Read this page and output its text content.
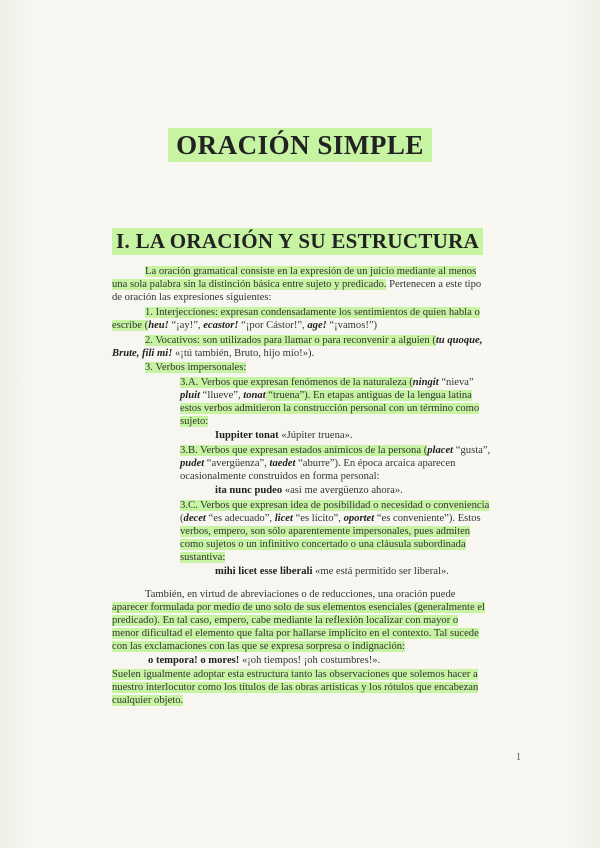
ORACIÓN SIMPLE
I. LA ORACIÓN Y SU ESTRUCTURA
La oración gramatical consiste en la expresión de un juicio mediante al menos
una sola palabra sin la distinción básica entre sujeto y predicado. Pertenecen a este tipo
de oración las expresiones siguientes:
1. Interjecciones: expresan condensadamente los sentimientos de quien habla o
escribe (heu! “¡ay!”, ecastor! “¡por Cástor!”, age! “¡vamos!”)
2. Vocativos: son utilizados para llamar o para reconvenir a alguien (tu quoque,
Brute, fili mi! «¡tú también, Bruto, hijo mío!»).
3. Verbos impersonales:
3.A. Verbos que expresan fenómenos de la naturaleza (ningit “nieva”
pluit “llueve”, tonat “truena”). En etapas antiguas de la lengua latina
estos verbos admitieron la construcción personal con un término como
sujeto:
Iuppiter tonat «Júpiter truena».
3.B. Verbos que expresan estados anímicos de la persona (placet “gusta”,
pudet “avergüenza”, taedet “aburre”). En época arcaica aparecen
ocasionalmente construidos en forma personal:
ita nunc pudeo «así me avergüenzo ahora».
3.C. Verbos que expresan idea de posibilidad o necesidad o conveniencia
(decet “es adecuado”, licet “es lícito”, oportet “es conveniente”). Estos
verbos, empero, son sólo aparentemente impersonales, pues admiten
como sujetos o un infinitivo concertado o una cláusula subordinada
sustantiva:
mihi licet esse liberali «me está permitido ser liberal».
También, en virtud de abreviaciones o de reducciones, una oración puede
aparecer formulada por medio de uno solo de sus elementos esenciales (generalmente el
predicado). En tal caso, empero, cabe mediante la reflexión localizar con mayor o
menor dificultad el elemento que falta por hallarse implícito en el contexto. Tal sucede
con las exclamaciones con las que se expresa sorpresa o indignación:
o tempora! o mores! «¡oh tiempos! ¡oh costumbres!».
Suelen igualmente adoptar esta estructura tanto las observaciones que solemos hacer a
nuestro interlocutor como los títulos de las obras artísticas y los rótulos que encabezan
cualquier objeto.
1
